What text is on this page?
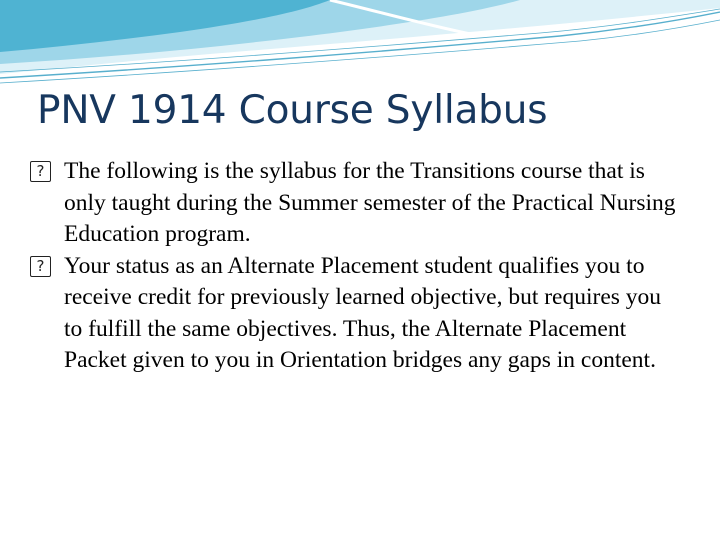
PNV 1914 Course Syllabus
? The following is the syllabus for the Transitions course that is only taught during the Summer semester of the Practical Nursing Education program.
? Your status as an Alternate Placement student qualifies you to receive credit for previously learned objective, but requires you to fulfill the same objectives. Thus, the Alternate Placement Packet given to you in Orientation bridges any gaps in content.
